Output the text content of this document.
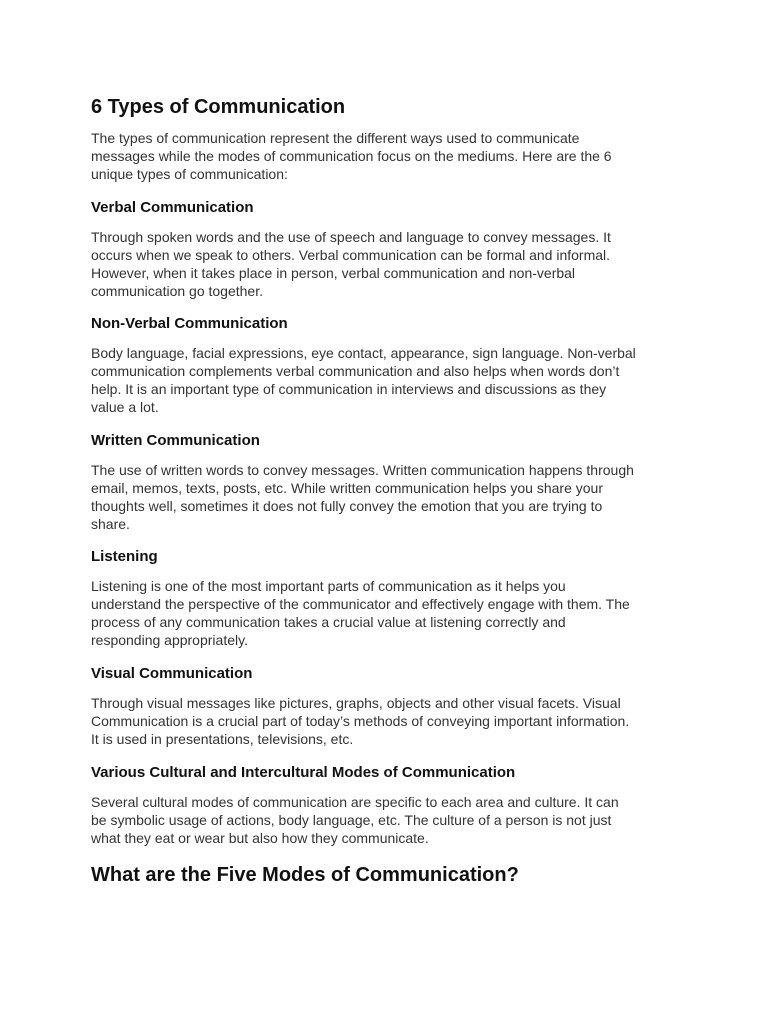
6 Types of Communication

The types of communication represent the different ways used to communicate
messages while the modes of communication focus on the mediums. Here are the 6
unique types of communication:

Verbal Communication

Through spoken words and the use of speech and language to convey messages. It
occurs when we speak to others. Verbal communication can be formal and informal.
However, when it takes place in person, verbal communication and non-verbal
communication go together.

Non-Verbal Communication

Body language, facial expressions, eye contact, appearance, sign language. Non-verbal
communication complements verbal communication and also helps when words don’t
help. It is an important type of communication in interviews and discussions as they
value a lot.

Written Communication

The use of written words to convey messages. Written communication happens through
email, memos, texts, posts, etc. While written communication helps you share your
thoughts well, sometimes it does not fully convey the emotion that you are trying to
share.

Listening

Listening is one of the most important parts of communication as it helps you
understand the perspective of the communicator and effectively engage with them. The
process of any communication takes a crucial value at listening correctly and
responding appropriately.

Visual Communication

Through visual messages like pictures, graphs, objects and other visual facets. Visual
Communication is a crucial part of today’s methods of conveying important information.
It is used in presentations, televisions, etc.

Various Cultural and Intercultural Modes of Communication

Several cultural modes of communication are specific to each area and culture. It can
be symbolic usage of actions, body language, etc. The culture of a person is not just
what they eat or wear but also how they communicate.

What are the Five Modes of Communication?
